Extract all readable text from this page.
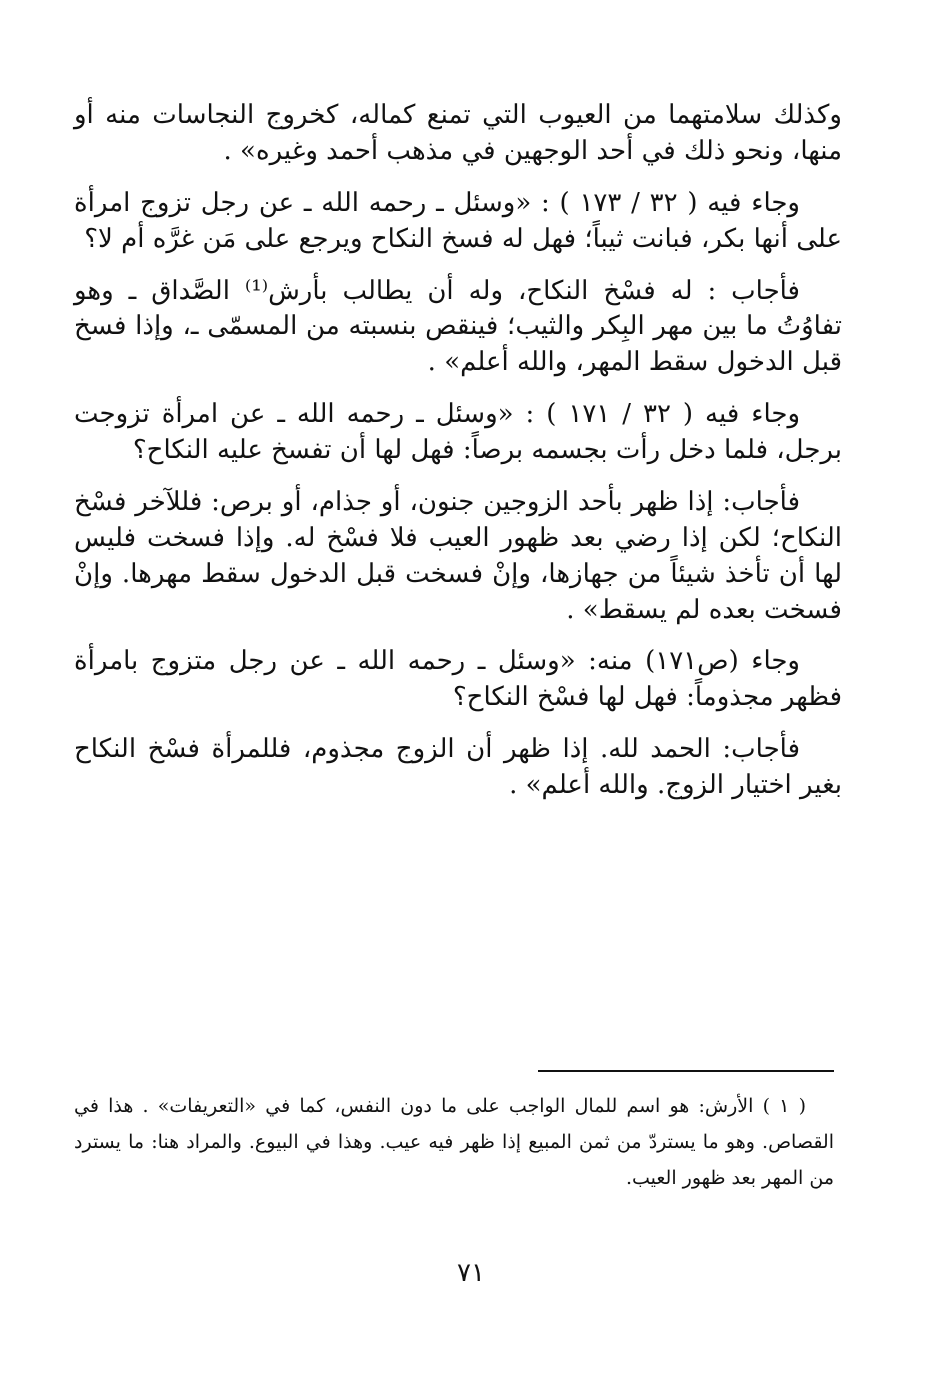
وكذلك سلامتهما من العيوب التي تمنع كماله، كخروج النجاسات منه أو منها، ونحو ذلك في أحد الوجهين في مذهب أحمد وغيره» .

وجاء فيه ( ٣٢ / ١٧٣ ) : «وسئل ـ رحمه الله ـ عن رجل تزوج امرأة على أنها بكر، فبانت ثيباً؛ فهل له فسخ النكاح ويرجع على مَن غرَّه أم لا؟

فأجاب : له فسْخ النكاح، وله أن يطالب بأرش⁽¹⁾ الصَّداق ـ وهو تفاوُتُ ما بين مهر البِكر والثيب؛ فينقص بنسبته من المسمّى ـ، وإذا فسخ قبل الدخول سقط المهر، والله أعلم» .

وجاء فيه ( ٣٢ / ١٧١ ) : «وسئل ـ رحمه الله ـ عن امرأة تزوجت برجل، فلما دخل رأت بجسمه برصاً: فهل لها أن تفسخ عليه النكاح؟

فأجاب: إذا ظهر بأحد الزوجين جنون، أو جذام، أو برص: فللآخر فسْخ النكاح؛ لكن إذا رضي بعد ظهور العيب فلا فسْخ له. وإذا فسخت فليس لها أن تأخذ شيئاً من جهازها، وإنْ فسخت قبل الدخول سقط مهرها. وإنْ فسخت بعده لم يسقط» .

وجاء (ص١٧١) منه: «وسئل ـ رحمه الله ـ عن رجل متزوج بامرأة فظهر مجذوماً: فهل لها فسْخ النكاح؟

فأجاب: الحمد لله. إذا ظهر أن الزوج مجذوم، فللمرأة فسْخ النكاح بغير اختيار الزوج. والله أعلم» .

( ١ ) الأرش: هو اسم للمال الواجب على ما دون النفس، كما في «التعريفات» . هذا في القصاص. وهو ما يستردّ من ثمن المبيع إذا ظهر فيه عيب. وهذا في البيوع. والمراد هنا: ما يسترد من المهر بعد ظهور العيب.

٧١
